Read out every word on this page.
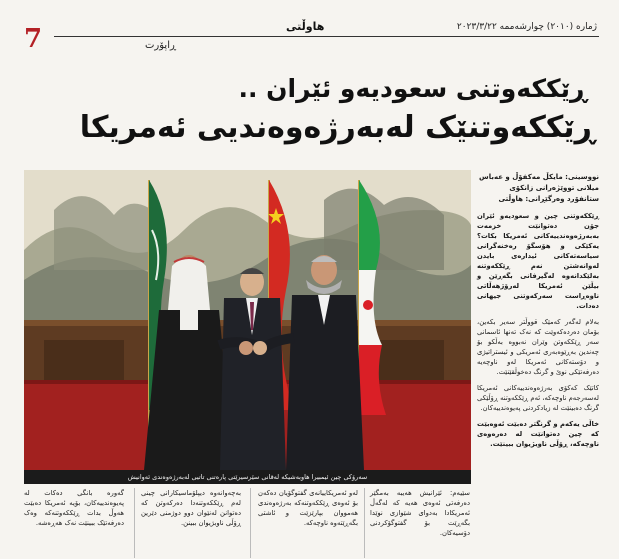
7	هاوڵتی	ژمارە (٢٠١٠) چوارشەممە ٢٠٢٣/٣/٢٢
ڕاپۆرت
ڕێککەوتنی سعودیەو ئێران ..
ڕێککەوتنێک لەبەرژەوەندیی ئەمریکا
سەرۆکی چین ئیمبیرا هاوبەشیکە لەقانی سێرسیرێتی پارەتنی تاتیی لەبەرژەوەندی ئەوانیش
نووسینی: مایکڵ مەکفۆڵ و عەباس میلانی تووێژەرانی زانکۆی ستانفۆرد وەرگێڕانی: هاوڵتی
ڕێککەوتنی چین و سعودیەو ئێران جۆن دەتوانێت خزمەت بەبەرژەوەندییەکانی ئەمریکا بکات؟ یەکێکی و هۆسگۆ رەخنەگرانی سیاسەتەکانی ئیدارەی بایدن لەوانەشتن نەم ڕێککەوتنە بەلێکدانەوە لەگیرفانی بگەڕێن و بیڵێن ئەمریکا لەرۆژهەڵاتی ناوەڕاست سەرکەوتنی جیهانی دەدات.
بەلام لەگەر کەمێک قووڵتر سەیر بکەین، بۆمان دەردەکەوێت کە نەک تەنها ئاسمانی سەر ڕێککەوتن وێران نەبووە بەڵکو بۆ چەندین بەڕێوەبەری ئەمریکی و ئیستراتیژی و دۆستەکانی ئەمریکا لەو ناوچەیە دەرفەتێکی نوێ و گرنگ دەخوڵقێنێت.
کاتێک کەکۆی بەرژەوەندییەکانی ئەمریکا لەسەرجەم ناوچەکە، ئەم ڕێککەوتنە ڕۆڵێکی گرنگ دەبینێت لە زیادکردنی پەیوەندییەکان.
خاڵی یەکەم و گرنگتر دەبێت ئەوەبێت کە چین دەتوانێت لە دەرەوەی ناوچەکە، ڕۆڵی ناوبژیوان ببینێت.
سێیەم: ئێرانیش هەیبە بەمگێر دەرفەتی ئەوەی هەیە کە لەگەڵ ئەمریکادا بەدوای شێوازی نوێدا بگەڕێت بۆ گفتوگۆکردنی دۆسیەکان.
لەو ئەمریکاییانەی گفتوگۆیان دەکەن بۆ ئەوەی ڕێککەوتنەکە بەرژەوەندی هەمووان بپارێزێت و ئاشتی بگەڕێتەوە ناوچەکە.
بەچەوانەوە دیپلۆماسیکارانی چینی لەم ڕێککەوتنەدا دەرکەوتن کە دەتوانن لەنێوان دوو دوژمنی دێرین ڕۆڵی ناوبژیوان ببینن.
گەورە بانگی دەکات لە پەیوەندییەکان، بۆیە ئەمریکا دەبێت هەوڵ بدات ڕێککەوتنەکە وەک دەرفەتێک ببینێت نەک هەڕەشە.
